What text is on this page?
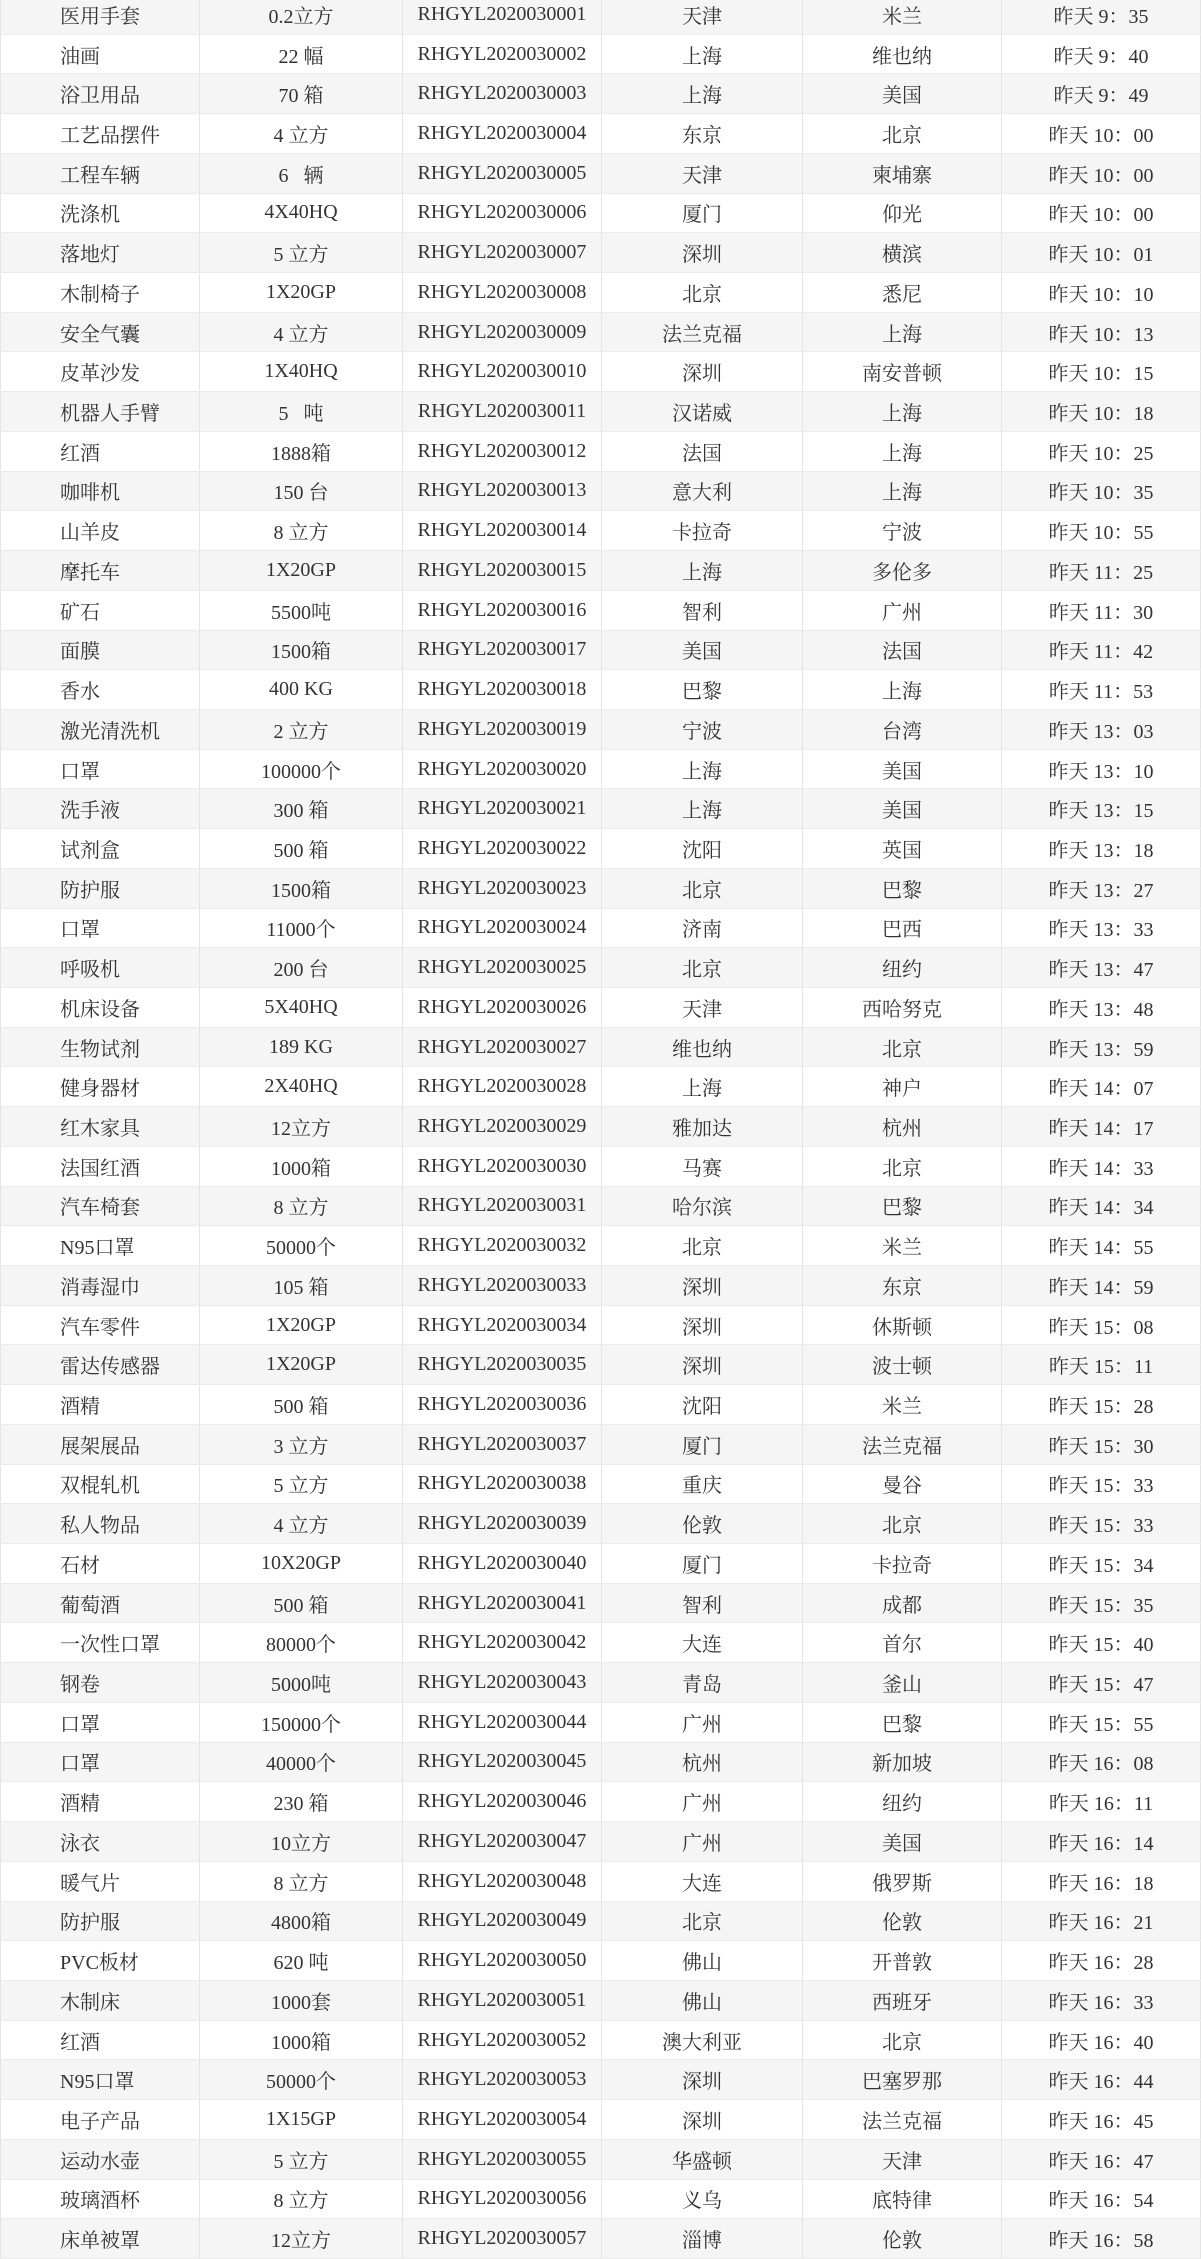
医用手套	0.2立方	RHGYL2020030001	天津	米兰	昨天 9：35
油画	22 幅	RHGYL2020030002	上海	维也纳	昨天 9：40
浴卫用品	70 箱	RHGYL2020030003	上海	美国	昨天 9：49
工艺品摆件	4 立方	RHGYL2020030004	东京	北京	昨天 10：00
工程车辆	6   辆	RHGYL2020030005	天津	柬埔寨	昨天 10：00
洗涤机	4X40HQ	RHGYL2020030006	厦门	仰光	昨天 10：00
落地灯	5 立方	RHGYL2020030007	深圳	横滨	昨天 10：01
木制椅子	1X20GP	RHGYL2020030008	北京	悉尼	昨天 10：10
安全气囊	4 立方	RHGYL2020030009	法兰克福	上海	昨天 10：13
皮革沙发	1X40HQ	RHGYL2020030010	深圳	南安普顿	昨天 10：15
机器人手臂	5   吨	RHGYL2020030011	汉诺威	上海	昨天 10：18
红酒	1888箱	RHGYL2020030012	法国	上海	昨天 10：25
咖啡机	150 台	RHGYL2020030013	意大利	上海	昨天 10：35
山羊皮	8 立方	RHGYL2020030014	卡拉奇	宁波	昨天 10：55
摩托车	1X20GP	RHGYL2020030015	上海	多伦多	昨天 11：25
矿石	5500吨	RHGYL2020030016	智利	广州	昨天 11：30
面膜	1500箱	RHGYL2020030017	美国	法国	昨天 11：42
香水	400 KG	RHGYL2020030018	巴黎	上海	昨天 11：53
激光清洗机	2 立方	RHGYL2020030019	宁波	台湾	昨天 13：03
口罩	100000个	RHGYL2020030020	上海	美国	昨天 13：10
洗手液	300 箱	RHGYL2020030021	上海	美国	昨天 13：15
试剂盒	500 箱	RHGYL2020030022	沈阳	英国	昨天 13：18
防护服	1500箱	RHGYL2020030023	北京	巴黎	昨天 13：27
口罩	11000个	RHGYL2020030024	济南	巴西	昨天 13：33
呼吸机	200 台	RHGYL2020030025	北京	纽约	昨天 13：47
机床设备	5X40HQ	RHGYL2020030026	天津	西哈努克	昨天 13：48
生物试剂	189 KG	RHGYL2020030027	维也纳	北京	昨天 13：59
健身器材	2X40HQ	RHGYL2020030028	上海	神户	昨天 14：07
红木家具	12立方	RHGYL2020030029	雅加达	杭州	昨天 14：17
法国红酒	1000箱	RHGYL2020030030	马赛	北京	昨天 14：33
汽车椅套	8 立方	RHGYL2020030031	哈尔滨	巴黎	昨天 14：34
N95口罩	50000个	RHGYL2020030032	北京	米兰	昨天 14：55
消毒湿巾	105 箱	RHGYL2020030033	深圳	东京	昨天 14：59
汽车零件	1X20GP	RHGYL2020030034	深圳	休斯顿	昨天 15：08
雷达传感器	1X20GP	RHGYL2020030035	深圳	波士顿	昨天 15：11
酒精	500 箱	RHGYL2020030036	沈阳	米兰	昨天 15：28
展架展品	3 立方	RHGYL2020030037	厦门	法兰克福	昨天 15：30
双棍轧机	5 立方	RHGYL2020030038	重庆	曼谷	昨天 15：33
私人物品	4 立方	RHGYL2020030039	伦敦	北京	昨天 15：33
石材	10X20GP	RHGYL2020030040	厦门	卡拉奇	昨天 15：34
葡萄酒	500 箱	RHGYL2020030041	智利	成都	昨天 15：35
一次性口罩	80000个	RHGYL2020030042	大连	首尔	昨天 15：40
钢卷	5000吨	RHGYL2020030043	青岛	釜山	昨天 15：47
口罩	150000个	RHGYL2020030044	广州	巴黎	昨天 15：55
口罩	40000个	RHGYL2020030045	杭州	新加坡	昨天 16：08
酒精	230 箱	RHGYL2020030046	广州	纽约	昨天 16：11
泳衣	10立方	RHGYL2020030047	广州	美国	昨天 16：14
暖气片	8 立方	RHGYL2020030048	大连	俄罗斯	昨天 16：18
防护服	4800箱	RHGYL2020030049	北京	伦敦	昨天 16：21
PVC板材	620 吨	RHGYL2020030050	佛山	开普敦	昨天 16：28
木制床	1000套	RHGYL2020030051	佛山	西班牙	昨天 16：33
红酒	1000箱	RHGYL2020030052	澳大利亚	北京	昨天 16：40
N95口罩	50000个	RHGYL2020030053	深圳	巴塞罗那	昨天 16：44
电子产品	1X15GP	RHGYL2020030054	深圳	法兰克福	昨天 16：45
运动水壶	5 立方	RHGYL2020030055	华盛顿	天津	昨天 16：47
玻璃酒杯	8 立方	RHGYL2020030056	义乌	底特律	昨天 16：54
床单被罩	12立方	RHGYL2020030057	淄博	伦敦	昨天 16：58
